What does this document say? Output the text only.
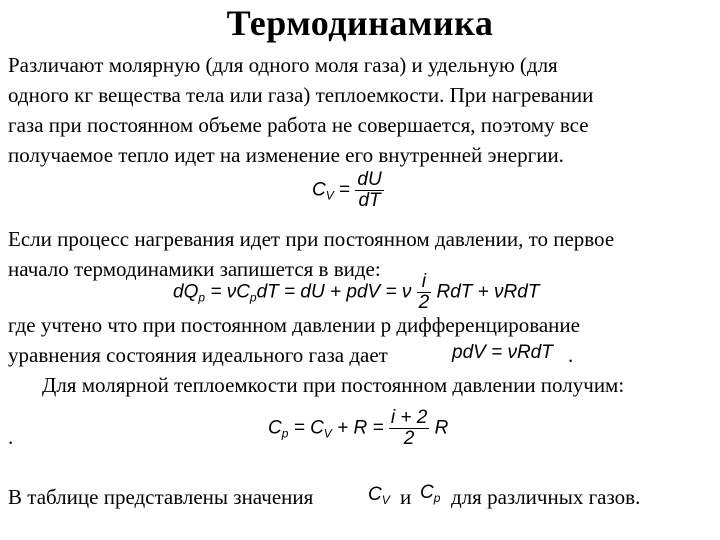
Термодинамика
Различают молярную (для одного моля газа) и удельную (для
одного кг вещества тела или газа) теплоемкости. При нагревании
газа при постоянном объеме работа не совершается, поэтому все
получаемое тепло идет на изменение его внутренней энергии.
$C_V = \frac{dU}{dT}$
Если процесс нагревания идет при постоянном давлении, то первое
начало термодинамики запишется в виде:
$dQ_p = \nu C_pdT$ = dU + pdV = ν $\frac{i}{2}$ RdT + νRdT
где учтено что при постоянном давлении p дифференцирование
уравнения состояния идеального газа дает	pdV = νRdT .
Для молярной теплоемкости при постоянном давлении получим:
.	$C_p = C_V + R = \frac{i + 2}{2}$ R
В таблице представлены значения	$C_V$ и $C_p$ для различных газов.
